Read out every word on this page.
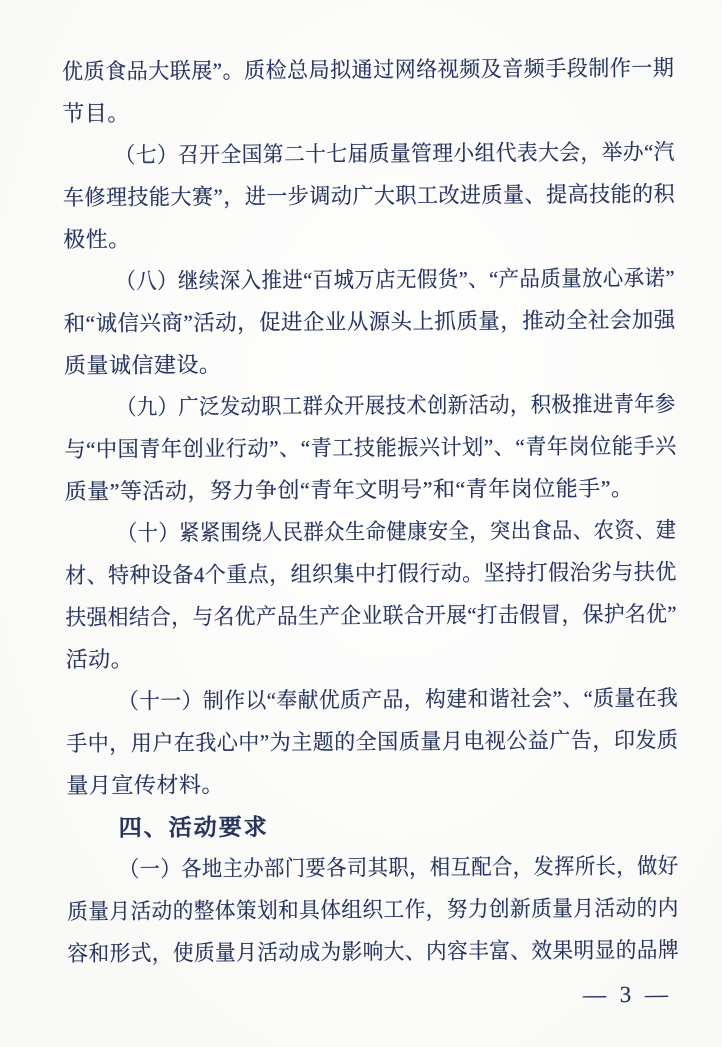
优质食品大联展”。质检总局拟通过网络视频及音频手段制作一期
节目。
（七）召开全国第二十七届质量管理小组代表大会，举办“汽
车修理技能大赛”，进一步调动广大职工改进质量、提高技能的积
极性。
（八）继续深入推进“百城万店无假货”、“产品质量放心承诺”
和“诚信兴商”活动，促进企业从源头上抓质量，推动全社会加强
质量诚信建设。
（九）广泛发动职工群众开展技术创新活动，积极推进青年参
与“中国青年创业行动”、“青工技能振兴计划”、“青年岗位能手兴
质量”等活动，努力争创“青年文明号”和“青年岗位能手”。
（十）紧紧围绕人民群众生命健康安全，突出食品、农资、建
材、特种设备4个重点，组织集中打假行动。坚持打假治劣与扶优
扶强相结合，与名优产品生产企业联合开展“打击假冒，保护名优”
活动。
（十一）制作以“奉献优质产品，构建和谐社会”、“质量在我
手中，用户在我心中”为主题的全国质量月电视公益广告，印发质
量月宣传材料。
四、活动要求
（一）各地主办部门要各司其职，相互配合，发挥所长，做好
质量月活动的整体策划和具体组织工作，努力创新质量月活动的内
容和形式，使质量月活动成为影响大、内容丰富、效果明显的品牌
— 3 —
